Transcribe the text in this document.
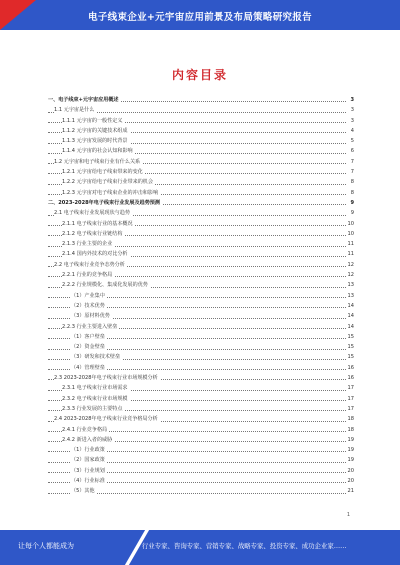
电子线束企业+元宇宙应用前景及布局策略研究报告
内容目录
一、电子线束+元宇宙应用概述	3
1.1 元宇宙是什么	3
1.1.1 元宇宙的一般性定义	3
1.1.2 元宇宙的关键技术组成	4
1.1.3 元宇宙发展的时代背景	5
1.1.4 元宇宙的社会认知和影响	6
1.2 元宇宙和电子线束行业有什么关系	7
1.2.1 元宇宙给电子线束带来的变化	7
1.2.2 元宇宙给电子线束行业带来的机会	8
1.2.3 元宇宙对电子线束企业的冲击和影响	8
二、2023-2028年电子线束行业发展及趋势预测	9
2.1 电子线束行业发展现状与趋势	9
2.1.1 电子线束行业的基本概况	10
2.1.2 电子线束行业链结构	10
2.1.3 行业主要的企业	11
2.1.4 国内外技术的对比分析	11
2.2 电子线束行业竞争态势分析	12
2.2.1 行业的竞争格局	12
2.2.2 行业规模化、集成化发展的优势	13
（1）产业集中	13
（2）技术优势	14
（3）原材料优势	14
2.2.3 行业主要进入壁垒	14
（1）客户壁垒	15
（2）资金壁垒	15
（3）研发和技术壁垒	15
（4）管理壁垒	16
2.3 2023-2028年电子线束行业市场规模分析	16
2.3.1 电子线束行业市场需求	17
2.3.2 电子线束行业市场规模	17
2.3.3 行业发展的主要特点	17
2.4 2023-2028年电子线束行业竞争格局分析	18
2.4.1 行业竞争格局	18
2.4.2 新进入者的威胁	19
（1）行业政策	19
（2）国家政策	19
（3）行业规划	20
（4）行业标准	20
（5）其他	21
1
让每个人都能成为	行业专家、咨询专家、营销专家、战略专家、投资专家、成功企业家……
